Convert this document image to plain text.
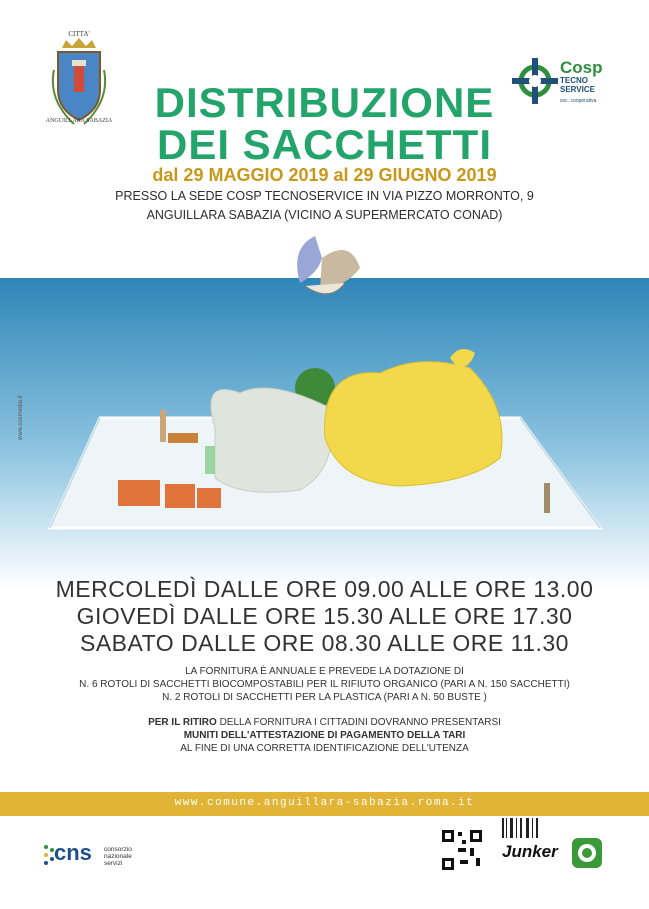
CITTA'
ANGUILLARA SABAZIA
Cosp
TECNO
SERVICE
soc. cooperativa
DISTRIBUZIONE
DEI SACCHETTI
dal 29 MAGGIO 2019 al 29 GIUGNO 2019
PRESSO LA SEDE COSP TECNOSERVICE IN VIA PIZZO MORRONTO, 9
ANGUILLARA SABAZIA (VICINO A SUPERMERCATO CONAD)
www.cosmedia.it
MERCOLEDÌ DALLE ORE 09.00 ALLE ORE 13.00
GIOVEDÌ DALLE ORE 15.30 ALLE ORE 17.30
SABATO DALLE ORE 08.30 ALLE ORE 11.30
LA FORNITURA È ANNUALE E PREVEDE LA DOTAZIONE DI
N. 6 ROTOLI DI SACCHETTI BIOCOMPOSTABILI PER IL RIFIUTO ORGANICO (PARI A N. 150 SACCHETTI)
N. 2 ROTOLI DI SACCHETTI PER LA PLASTICA (PARI A N. 50 BUSTE )
PER IL RITIRO DELLA FORNITURA I CITTADINI DOVRANNO PRESENTARSI
MUNITI DELL'ATTESTAZIONE DI PAGAMENTO DELLA TARI
AL FINE DI UNA CORRETTA IDENTIFICAZIONE DELL'UTENZA
www.comune.anguillara-sabazia.roma.it
cns consorzio
nazionale
servizi
Junker
